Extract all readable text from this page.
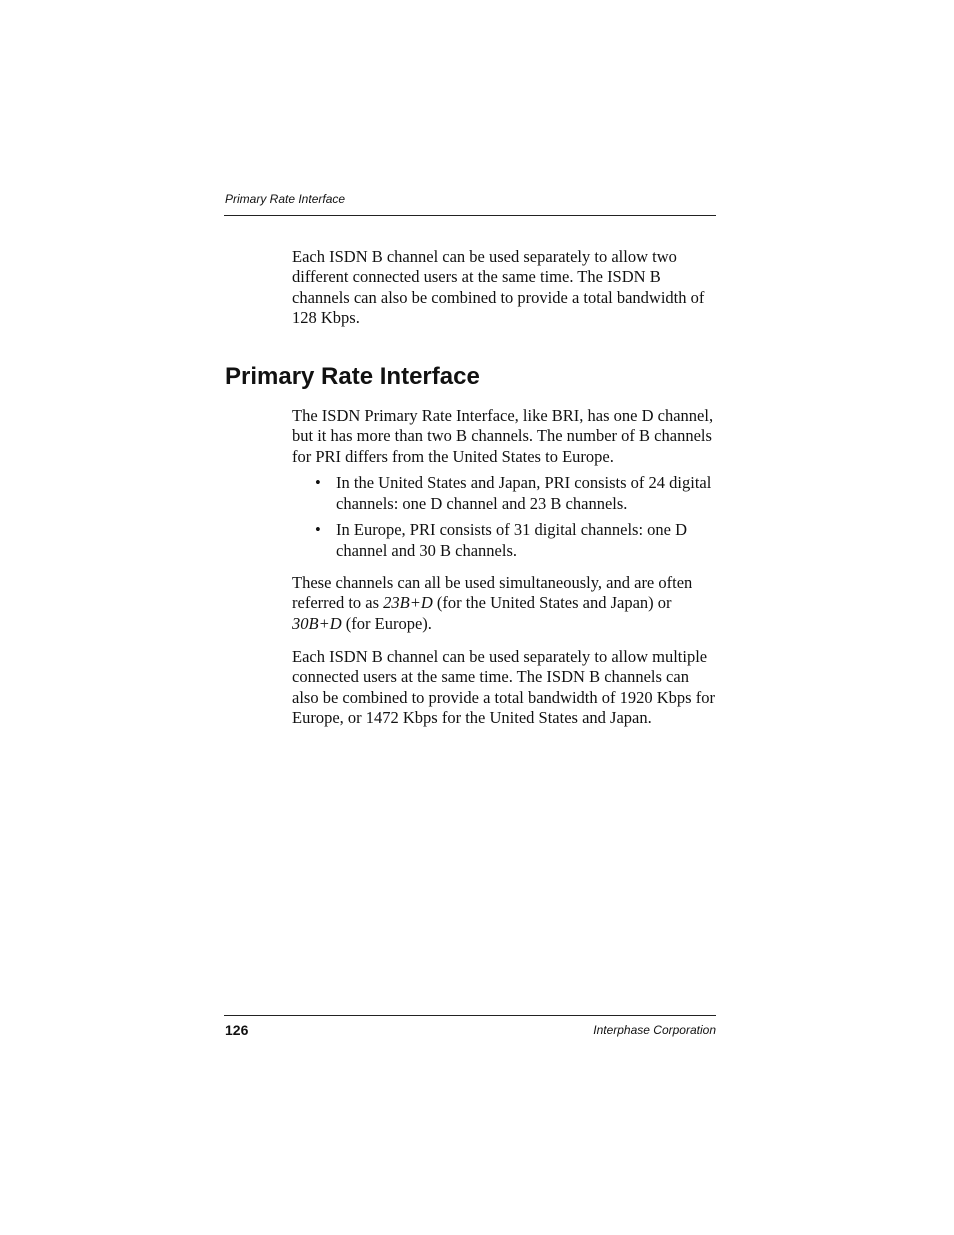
Primary Rate Interface

Each ISDN B channel can be used separately to allow two different connected users at the same time. The ISDN B channels can also be combined to provide a total bandwidth of 128 Kbps.

Primary Rate Interface

The ISDN Primary Rate Interface, like BRI, has one D channel, but it has more than two B channels. The number of B channels for PRI differs from the United States to Europe.

• In the United States and Japan, PRI consists of 24 digital channels: one D channel and 23 B channels.
• In Europe, PRI consists of 31 digital channels: one D channel and 30 B channels.

These channels can all be used simultaneously, and are often referred to as 23B+D (for the United States and Japan) or 30B+D (for Europe).

Each ISDN B channel can be used separately to allow multiple connected users at the same time. The ISDN B channels can also be combined to provide a total bandwidth of 1920 Kbps for Europe, or 1472 Kbps for the United States and Japan.

126	Interphase Corporation
